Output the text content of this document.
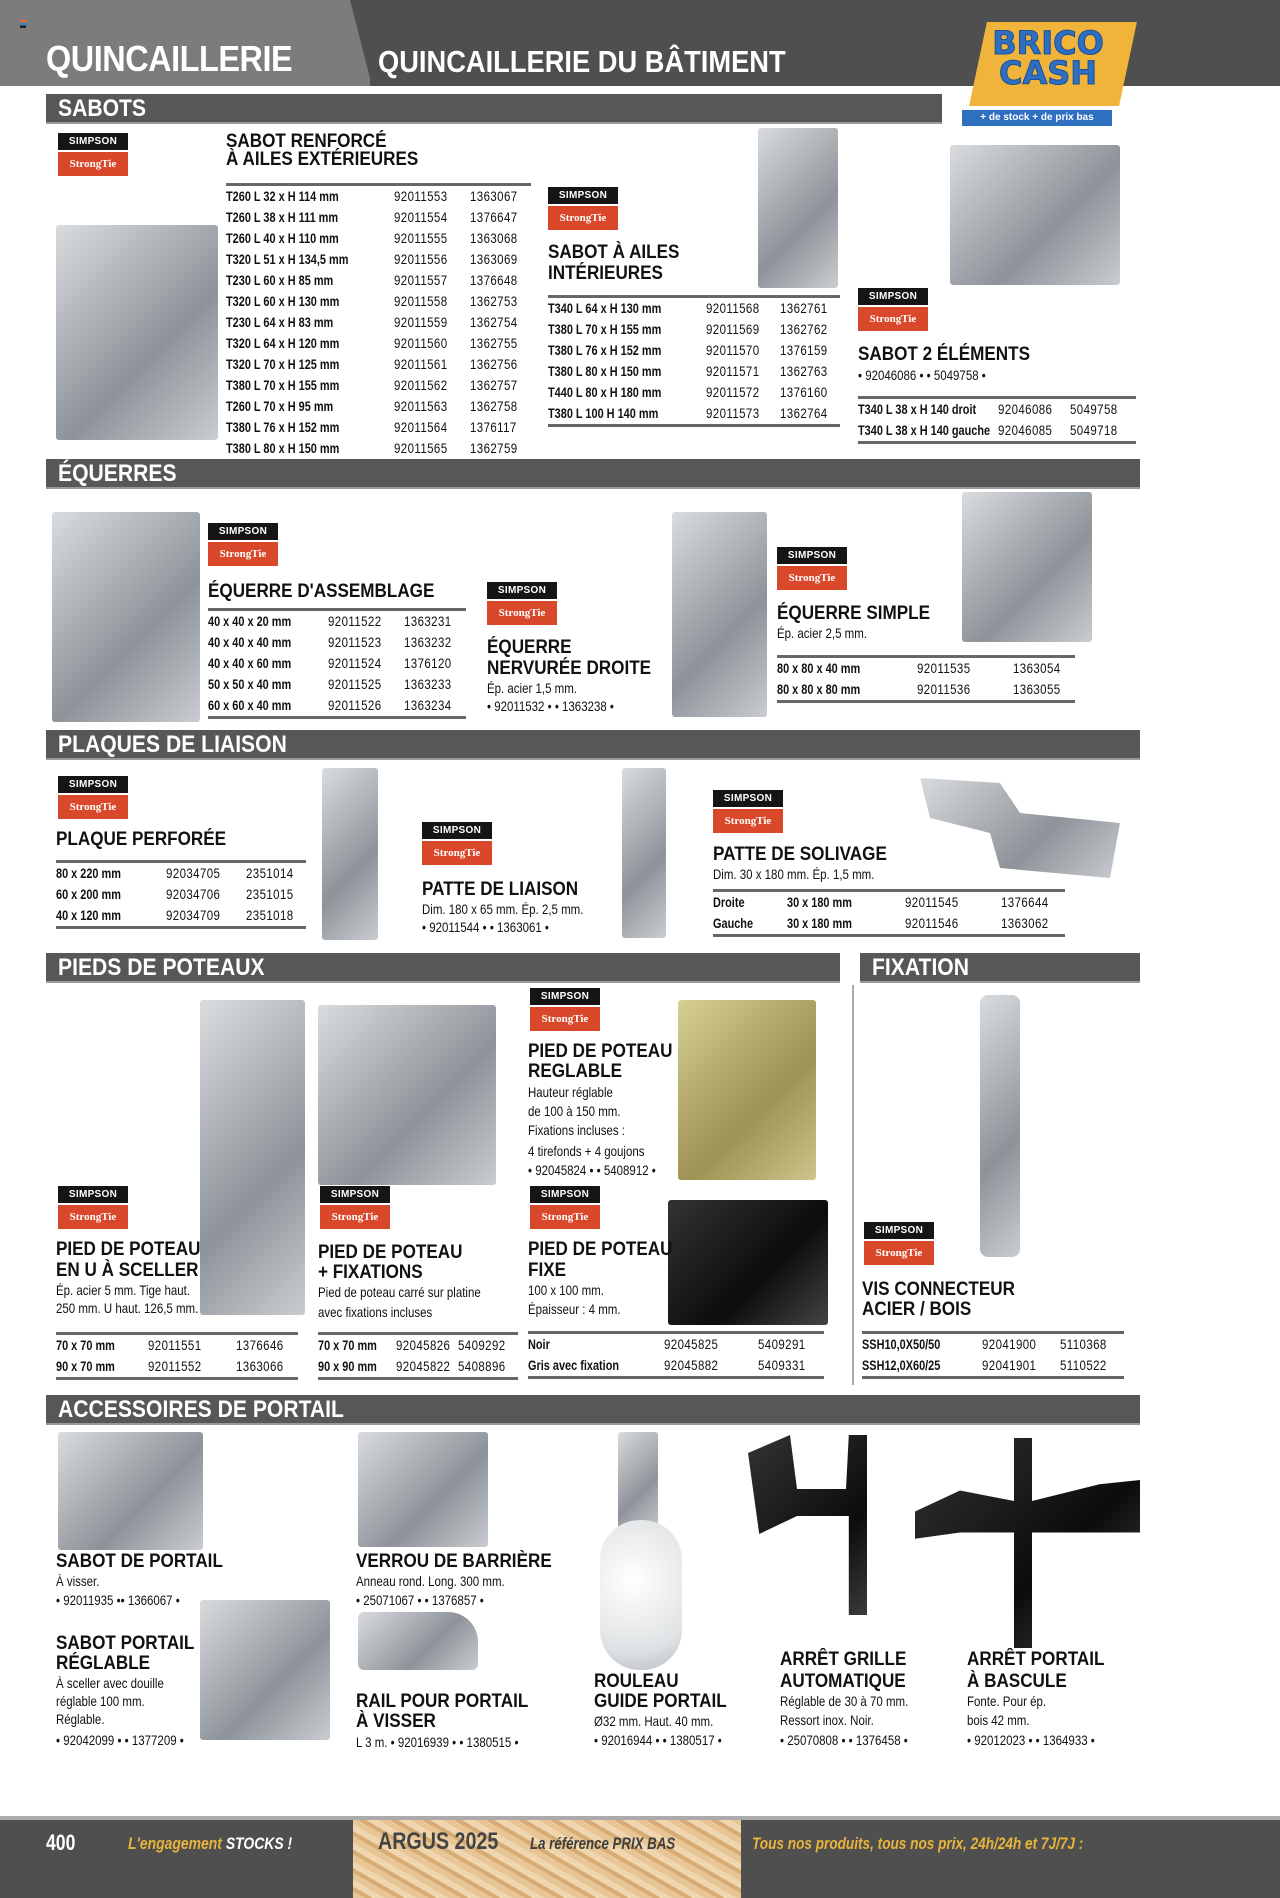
QUINCAILLERIE	QUINCAILLERIE DU BÂTIMENT	BRICO
CASH
+ de stock + de prix bas
SABOTS
SIMPSON
StrongTie
SABOT RENFORCÉ
À AILES EXTÉRIEURES
T260 L 32 x H 114 mm	92011553	1363067
T260 L 38 x H 111 mm	92011554	1376647
T260 L 40 x H 110 mm	92011555	1363068
T320 L 51 x H 134,5 mm	92011556	1363069
T230 L 60 x H 85 mm	92011557	1376648
T320 L 60 x H 130 mm	92011558	1362753
T230 L 64 x H 83 mm	92011559	1362754
T320 L 64 x H 120 mm	92011560	1362755
T320 L 70 x H 125 mm	92011561	1362756
T380 L 70 x H 155 mm	92011562	1362757
T260 L 70 x H 95 mm	92011563	1362758
T380 L 76 x H 152 mm	92011564	1376117
T380 L 80 x H 150 mm	92011565	1362759
SIMPSON
StrongTie
SABOT À AILES
INTÉRIEURES
T340 L 64 x H 130 mm	92011568	1362761
T380 L 70 x H 155 mm	92011569	1362762
T380 L 76 x H 152 mm	92011570	1376159
T380 L 80 x H 150 mm	92011571	1362763
T440 L 80 x H 180 mm	92011572	1376160
T380 L 100 H 140 mm	92011573	1362764
SIMPSON
StrongTie
SABOT 2 ÉLÉMENTS
• 92046086 • • 5049758 •
T340 L 38 x H 140 droit 92046086	5049758
T340 L 38 x H 140 gauche 92046085	5049718
ÉQUERRES
SIMPSON
StrongTie
ÉQUERRE D'ASSEMBLAGE
40 x 40 x 20 mm	92011522	1363231
40 x 40 x 40 mm	92011523	1363232
40 x 40 x 60 mm	92011524	1376120
50 x 50 x 40 mm	92011525	1363233
60 x 60 x 40 mm	92011526	1363234
SIMPSON
StrongTie
ÉQUERRE
NERVURÉE DROITE
Ép. acier 1,5 mm.
• 92011532 • • 1363238 •
SIMPSON
StrongTie
ÉQUERRE SIMPLE
Ép. acier 2,5 mm.
80 x 80 x 40 mm	92011535	1363054
80 x 80 x 80 mm	92011536	1363055
PLAQUES DE LIAISON
SIMPSON
StrongTie
PLAQUE PERFORÉE
80 x 220 mm	92034705	2351014
60 x 200 mm	92034706	2351015
40 x 120 mm	92034709	2351018
SIMPSON
StrongTie
PATTE DE LIAISON
Dim. 180 x 65 mm. Ép. 2,5 mm.
• 92011544 • • 1363061 •
SIMPSON
StrongTie
PATTE DE SOLIVAGE
Dim. 30 x 180 mm. Ép. 1,5 mm.
Droite	30 x 180 mm	92011545	1376644
Gauche	30 x 180 mm	92011546	1363062
PIEDS DE POTEAUX	FIXATION
SIMPSON
StrongTie
PIED DE POTEAU
EN U À SCELLER
Ép. acier 5 mm. Tige haut.
250 mm. U haut. 126,5 mm.
70 x 70 mm	92011551	1376646
90 x 70 mm	92011552	1363066
SIMPSON
StrongTie
PIED DE POTEAU
+ FIXATIONS
Pied de poteau carré sur platine
avec fixations incluses
70 x 70 mm 92045826 5409292
90 x 90 mm 92045822 5408896
SIMPSON
StrongTie
PIED DE POTEAU
REGLABLE
Hauteur réglable
de 100 à 150 mm.
Fixations incluses :
4 tirefonds + 4 goujons
• 92045824 • • 5408912 •
SIMPSON
StrongTie
PIED DE POTEAU
FIXE
100 x 100 mm.
Épaisseur : 4 mm.
Noir	92045825	5409291
Gris avec fixation	92045882	5409331
SIMPSON
StrongTie
VIS CONNECTEUR
ACIER / BOIS
SSH10,0X50/50	92041900	5110368
SSH12,0X60/25	92041901	5110522
ACCESSOIRES DE PORTAIL
SABOT DE PORTAIL
À visser.
• 92011935 •• 1366067 •
SABOT PORTAIL
RÉGLABLE
À sceller avec douille
réglable 100 mm.
Réglable.
• 92042099 • • 1377209 •
VERROU DE BARRIÈRE
Anneau rond. Long. 300 mm.
• 25071067 • • 1376857 •
RAIL POUR PORTAIL
À VISSER
L 3 m. • 92016939 • • 1380515 •
ROULEAU
GUIDE PORTAIL
Ø32 mm. Haut. 40 mm.
• 92016944 • • 1380517 •
ARRÊT GRILLE
AUTOMATIQUE
Réglable de 30 à 70 mm.
Ressort inox. Noir.
• 25070808 • • 1376458 •
ARRÊT PORTAIL
À BASCULE
Fonte. Pour ép.
bois 42 mm.
• 92012023 • • 1364933 •
400	L'engagement STOCKS !	ARGUS 2025 La référence PRIX BAS	Tous nos produits, tous nos prix, 24h/24h et 7J/7J :
